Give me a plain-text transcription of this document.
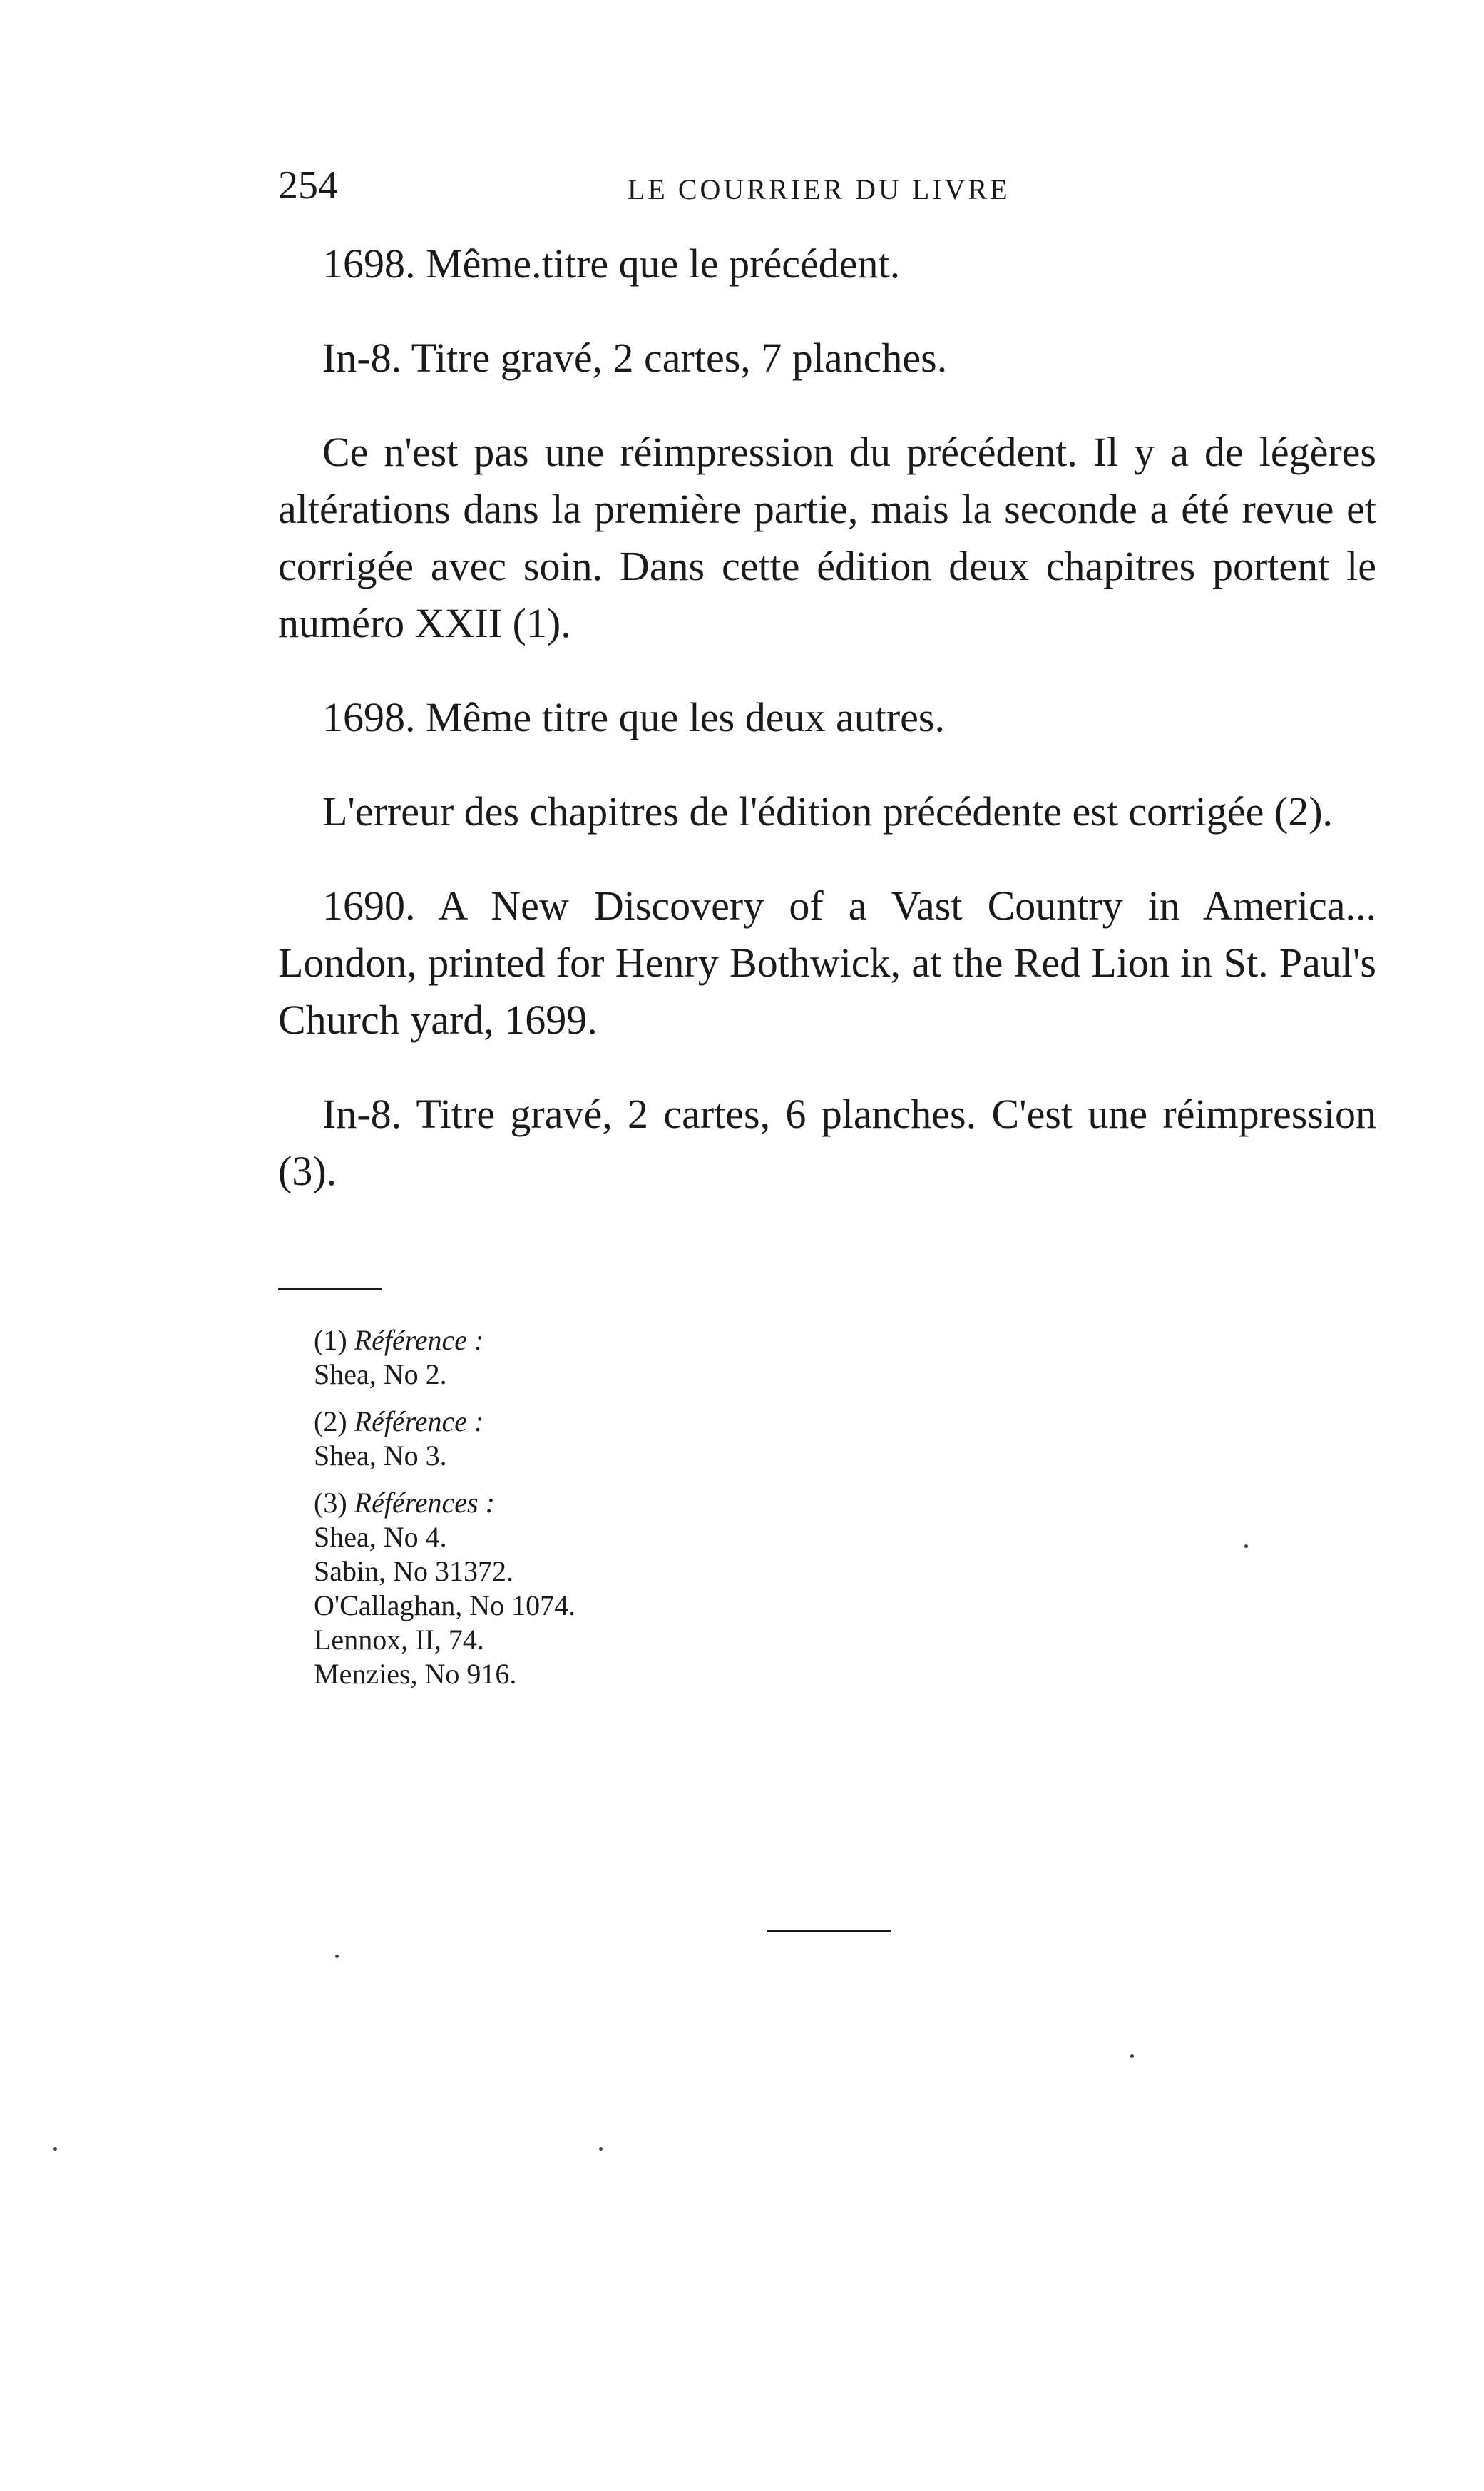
254	LE COURRIER DU LIVRE

1698. Même.titre que le précédent.

In-8. Titre gravé, 2 cartes, 7 planches.

Ce n'est pas une réimpression du précédent. Il y a de légères altérations dans la première partie, mais la seconde a été revue et corrigée avec soin. Dans cette édition deux chapitres portent le numéro XXII (1).

1698. Même titre que les deux autres.

L'erreur des chapitres de l'édition précédente est corrigée (2).

1690. A New Discovery of a Vast Country in America... London, printed for Henry Bothwick, at the Red Lion in St. Paul's Church yard, 1699.

In-8. Titre gravé, 2 cartes, 6 planches. C'est une réimpression (3).

(1) Référence :
Shea, No 2.
(2) Référence :
Shea, No 3.
(3) Références :
Shea, No 4.
Sabin, No 31372.
O'Callaghan, No 1074.
Lennox, II, 74.
Menzies, No 916.
